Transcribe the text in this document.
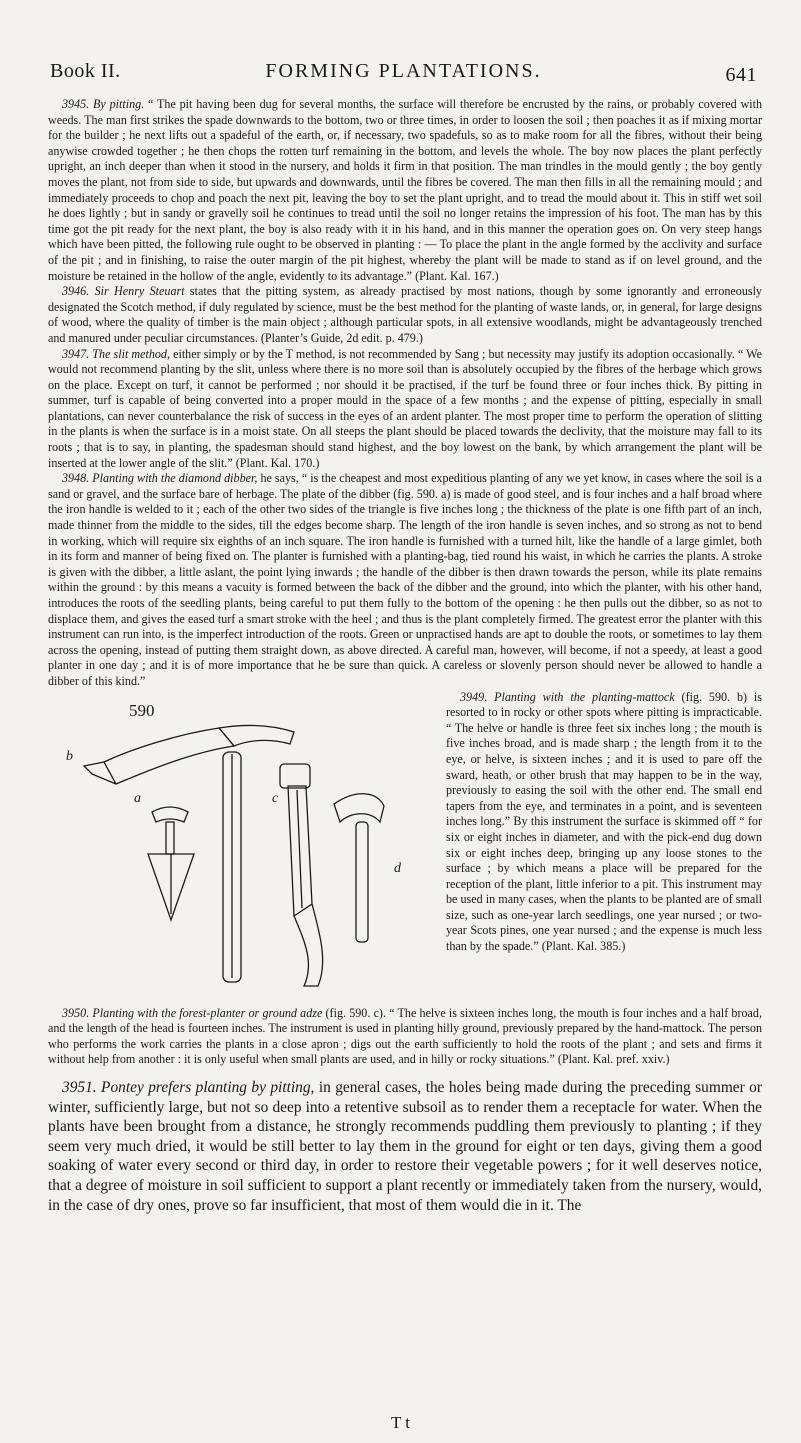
Book II.	FORMING PLANTATIONS.	641

3945. By pitting. “ The pit having been dug for several months, the surface will therefore be encrusted by the rains, or probably covered with weeds. The man first strikes the spade downwards to the bottom, two or three times, in order to loosen the soil ; then poaches it as if mixing mortar for the builder ; he next lifts out a spadeful of the earth, or, if necessary, two spadefuls, so as to make room for all the fibres, without their being anywise crowded together ; he then chops the rotten turf remaining in the bottom, and levels the whole. The boy now places the plant perfectly upright, an inch deeper than when it stood in the nursery, and holds it firm in that position. The man trindles in the mould gently ; the boy gently moves the plant, not from side to side, but upwards and downwards, until the fibres be covered. The man then fills in all the remaining mould ; and immediately proceeds to chop and poach the next pit, leaving the boy to set the plant upright, and to tread the mould about it. This in stiff wet soil he does lightly ; but in sandy or gravelly soil he continues to tread until the soil no longer retains the impression of his foot. The man has by this time got the pit ready for the next plant, the boy is also ready with it in his hand, and in this manner the operation goes on. On very steep hangs which have been pitted, the following rule ought to be observed in planting : — To place the plant in the angle formed by the acclivity and surface of the pit ; and in finishing, to raise the outer margin of the pit highest, whereby the plant will be made to stand as if on level ground, and the moisture be retained in the hollow of the angle, evidently to its advantage.” (Plant. Kal. 167.)

3946. Sir Henry Steuart states that the pitting system, as already practised by most nations, though by some ignorantly and erroneously designated the Scotch method, if duly regulated by science, must be the best method for the planting of waste lands, or, in general, for large designs of wood, where the quality of timber is the main object ; although particular spots, in all extensive woodlands, might be advantageously trenched and manured under peculiar circumstances. (Planter’s Guide, 2d edit. p. 479.)

3947. The slit method, either simply or by the T method, is not recommended by Sang ; but necessity may justify its adoption occasionally. “ We would not recommend planting by the slit, unless where there is no more soil than is absolutely occupied by the fibres of the herbage which grows on the place. Except on turf, it cannot be performed ; nor should it be practised, if the turf be found three or four inches thick. By pitting in summer, turf is capable of being converted into a proper mould in the space of a few months ; and the expense of pitting, especially in small plantations, can never counterbalance the risk of success in the eyes of an ardent planter. The most proper time to perform the operation of slitting in the plants is when the surface is in a moist state. On all steeps the plant should be placed towards the declivity, that the moisture may fall to its roots ; that is to say, in planting, the spadesman should stand highest, and the boy lowest on the bank, by which arrangement the plant will be inserted at the lower angle of the slit.” (Plant. Kal. 170.)

3948. Planting with the diamond dibber, he says, “ is the cheapest and most expeditious planting of any we yet know, in cases where the soil is a sand or gravel, and the surface bare of herbage. The plate of the dibber (fig. 590. a) is made of good steel, and is four inches and a half broad where the iron handle is welded to it ; each of the other two sides of the triangle is five inches long ; the thickness of the plate is one fifth part of an inch, made thinner from the middle to the sides, till the edges become sharp. The length of the iron handle is seven inches, and so strong as not to bend in working, which will require six eighths of an inch square. The iron handle is furnished with a turned hilt, like the handle of a large gimlet, both in its form and manner of being fixed on. The planter is furnished with a planting-bag, tied round his waist, in which he carries the plants. A stroke is given with the dibber, a little aslant, the point lying inwards ; the handle of the dibber is then drawn towards the person, while its plate remains within the ground : by this means a vacuity is formed between the back of the dibber and the ground, into which the planter, with his other hand, introduces the roots of the seedling plants, being careful to put them fully to the bottom of the opening : he then pulls out the dibber, so as not to displace them, and gives the eased turf a smart stroke with the heel ; and thus is the plant completely firmed. The greatest error the planter with this instrument can run into, is the imperfect introduction of the roots. Green or unpractised hands are apt to double the roots, or sometimes to lay them across the opening, instead of putting them straight down, as above directed. A careful man, however, will become, if not a speedy, at least a good planter in one day ; and it is of more importance that he be sure than quick. A careless or slovenly person should never be allowed to handle a dibber of this kind.”

590
b
a	c
d
3949. Planting with the planting-mattock (fig. 590. b) is resorted to in rocky or other spots where pitting is impracticable. “ The helve or handle is three feet six inches long ; the mouth is five inches broad, and is made sharp ; the length from it to the eye, or helve, is sixteen inches ; and it is used to pare off the sward, heath, or other brush that may happen to be in the way, previously to easing the soil with the other end. The small end tapers from the eye, and terminates in a point, and is seventeen inches long.” By this instrument the surface is skimmed off “ for six or eight inches in diameter, and with the pick-end dug down six or eight inches deep, bringing up any loose stones to the surface ; by which means a place will be prepared for the reception of the plant, little inferior to a pit. This instrument may be used in many cases, when the plants to be planted are of small size, such as one-year larch seedlings, one year nursed ; or two-year Scots pines, one year nursed ; and the expense is much less than by the spade.” (Plant. Kal. 385.)

3950. Planting with the forest-planter or ground adze (fig. 590. c). “ The helve is sixteen inches long, the mouth is four inches and a half broad, and the length of the head is fourteen inches. The instrument is used in planting hilly ground, previously prepared by the hand-mattock. The person who performs the work carries the plants in a close apron ; digs out the earth sufficiently to hold the roots of the plant ; and sets and firms it without help from another : it is only useful when small plants are used, and in hilly or rocky situations.” (Plant. Kal. pref. xxiv.)

3951. Pontey prefers planting by pitting, in general cases, the holes being made during the preceding summer or winter, sufficiently large, but not so deep into a retentive subsoil as to render them a receptacle for water. When the plants have been brought from a distance, he strongly recommends puddling them previously to planting ; if they seem very much dried, it would be still better to lay them in the ground for eight or ten days, giving them a good soaking of water every second or third day, in order to restore their vegetable powers ; for it well deserves notice, that a degree of moisture in soil sufficient to support a plant recently or immediately taken from the nursery, would, in the case of dry ones, prove so far insufficient, that most of them would die in it. The

T t
